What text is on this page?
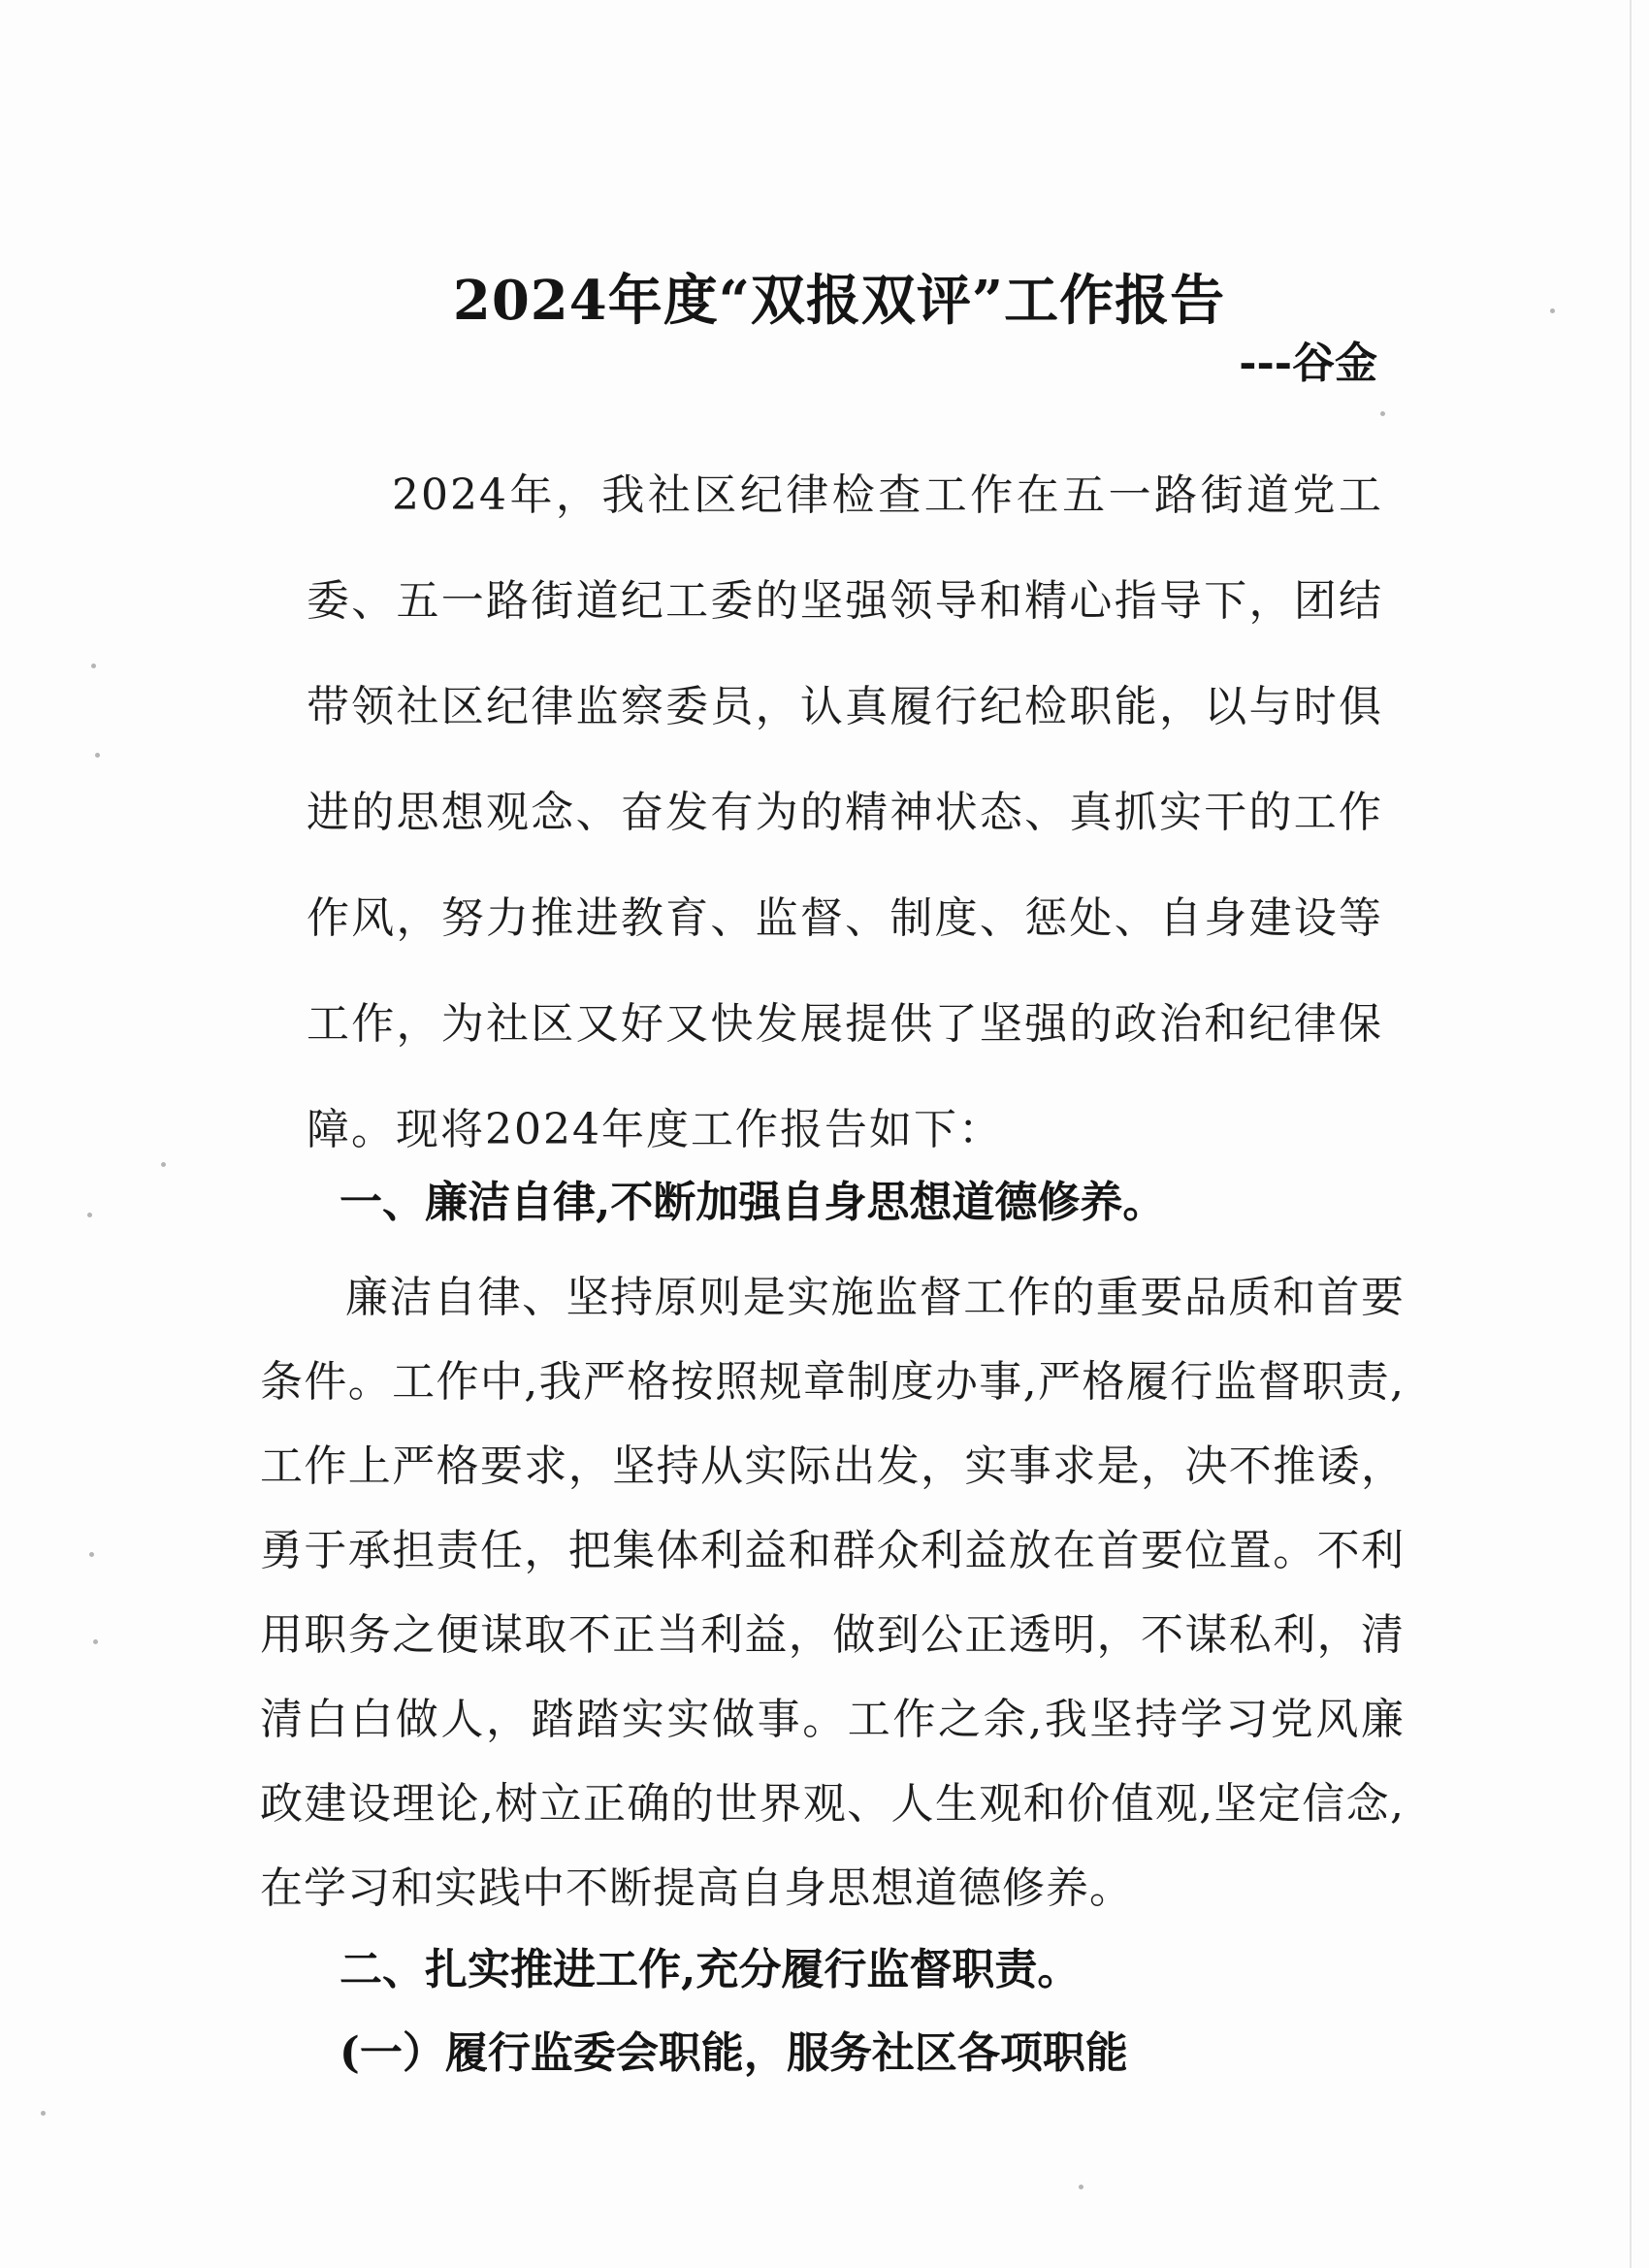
2024年度“双报双评”工作报告
---谷金

2024年，我社区纪律检查工作在五一路街道党工委、五一路街道纪工委的坚强领导和精心指导下，团结带领社区纪律监察委员，认真履行纪检职能，以与时俱进的思想观念、奋发有为的精神状态、真抓实干的工作作风，努力推进教育、监督、制度、惩处、自身建设等工作，为社区又好又快发展提供了坚强的政治和纪律保障。现将2024年度工作报告如下：

一、廉洁自律,不断加强自身思想道德修养。

廉洁自律、坚持原则是实施监督工作的重要品质和首要条件。工作中,我严格按照规章制度办事,严格履行监督职责,工作上严格要求，坚持从实际出发，实事求是，决不推诿，勇于承担责任，把集体利益和群众利益放在首要位置。不利用职务之便谋取不正当利益，做到公正透明，不谋私利，清清白白做人，踏踏实实做事。工作之余,我坚持学习党风廉政建设理论,树立正确的世界观、人生观和价值观,坚定信念,在学习和实践中不断提高自身思想道德修养。

二、扎实推进工作,充分履行监督职责。
(一）履行监委会职能，服务社区各项职能
